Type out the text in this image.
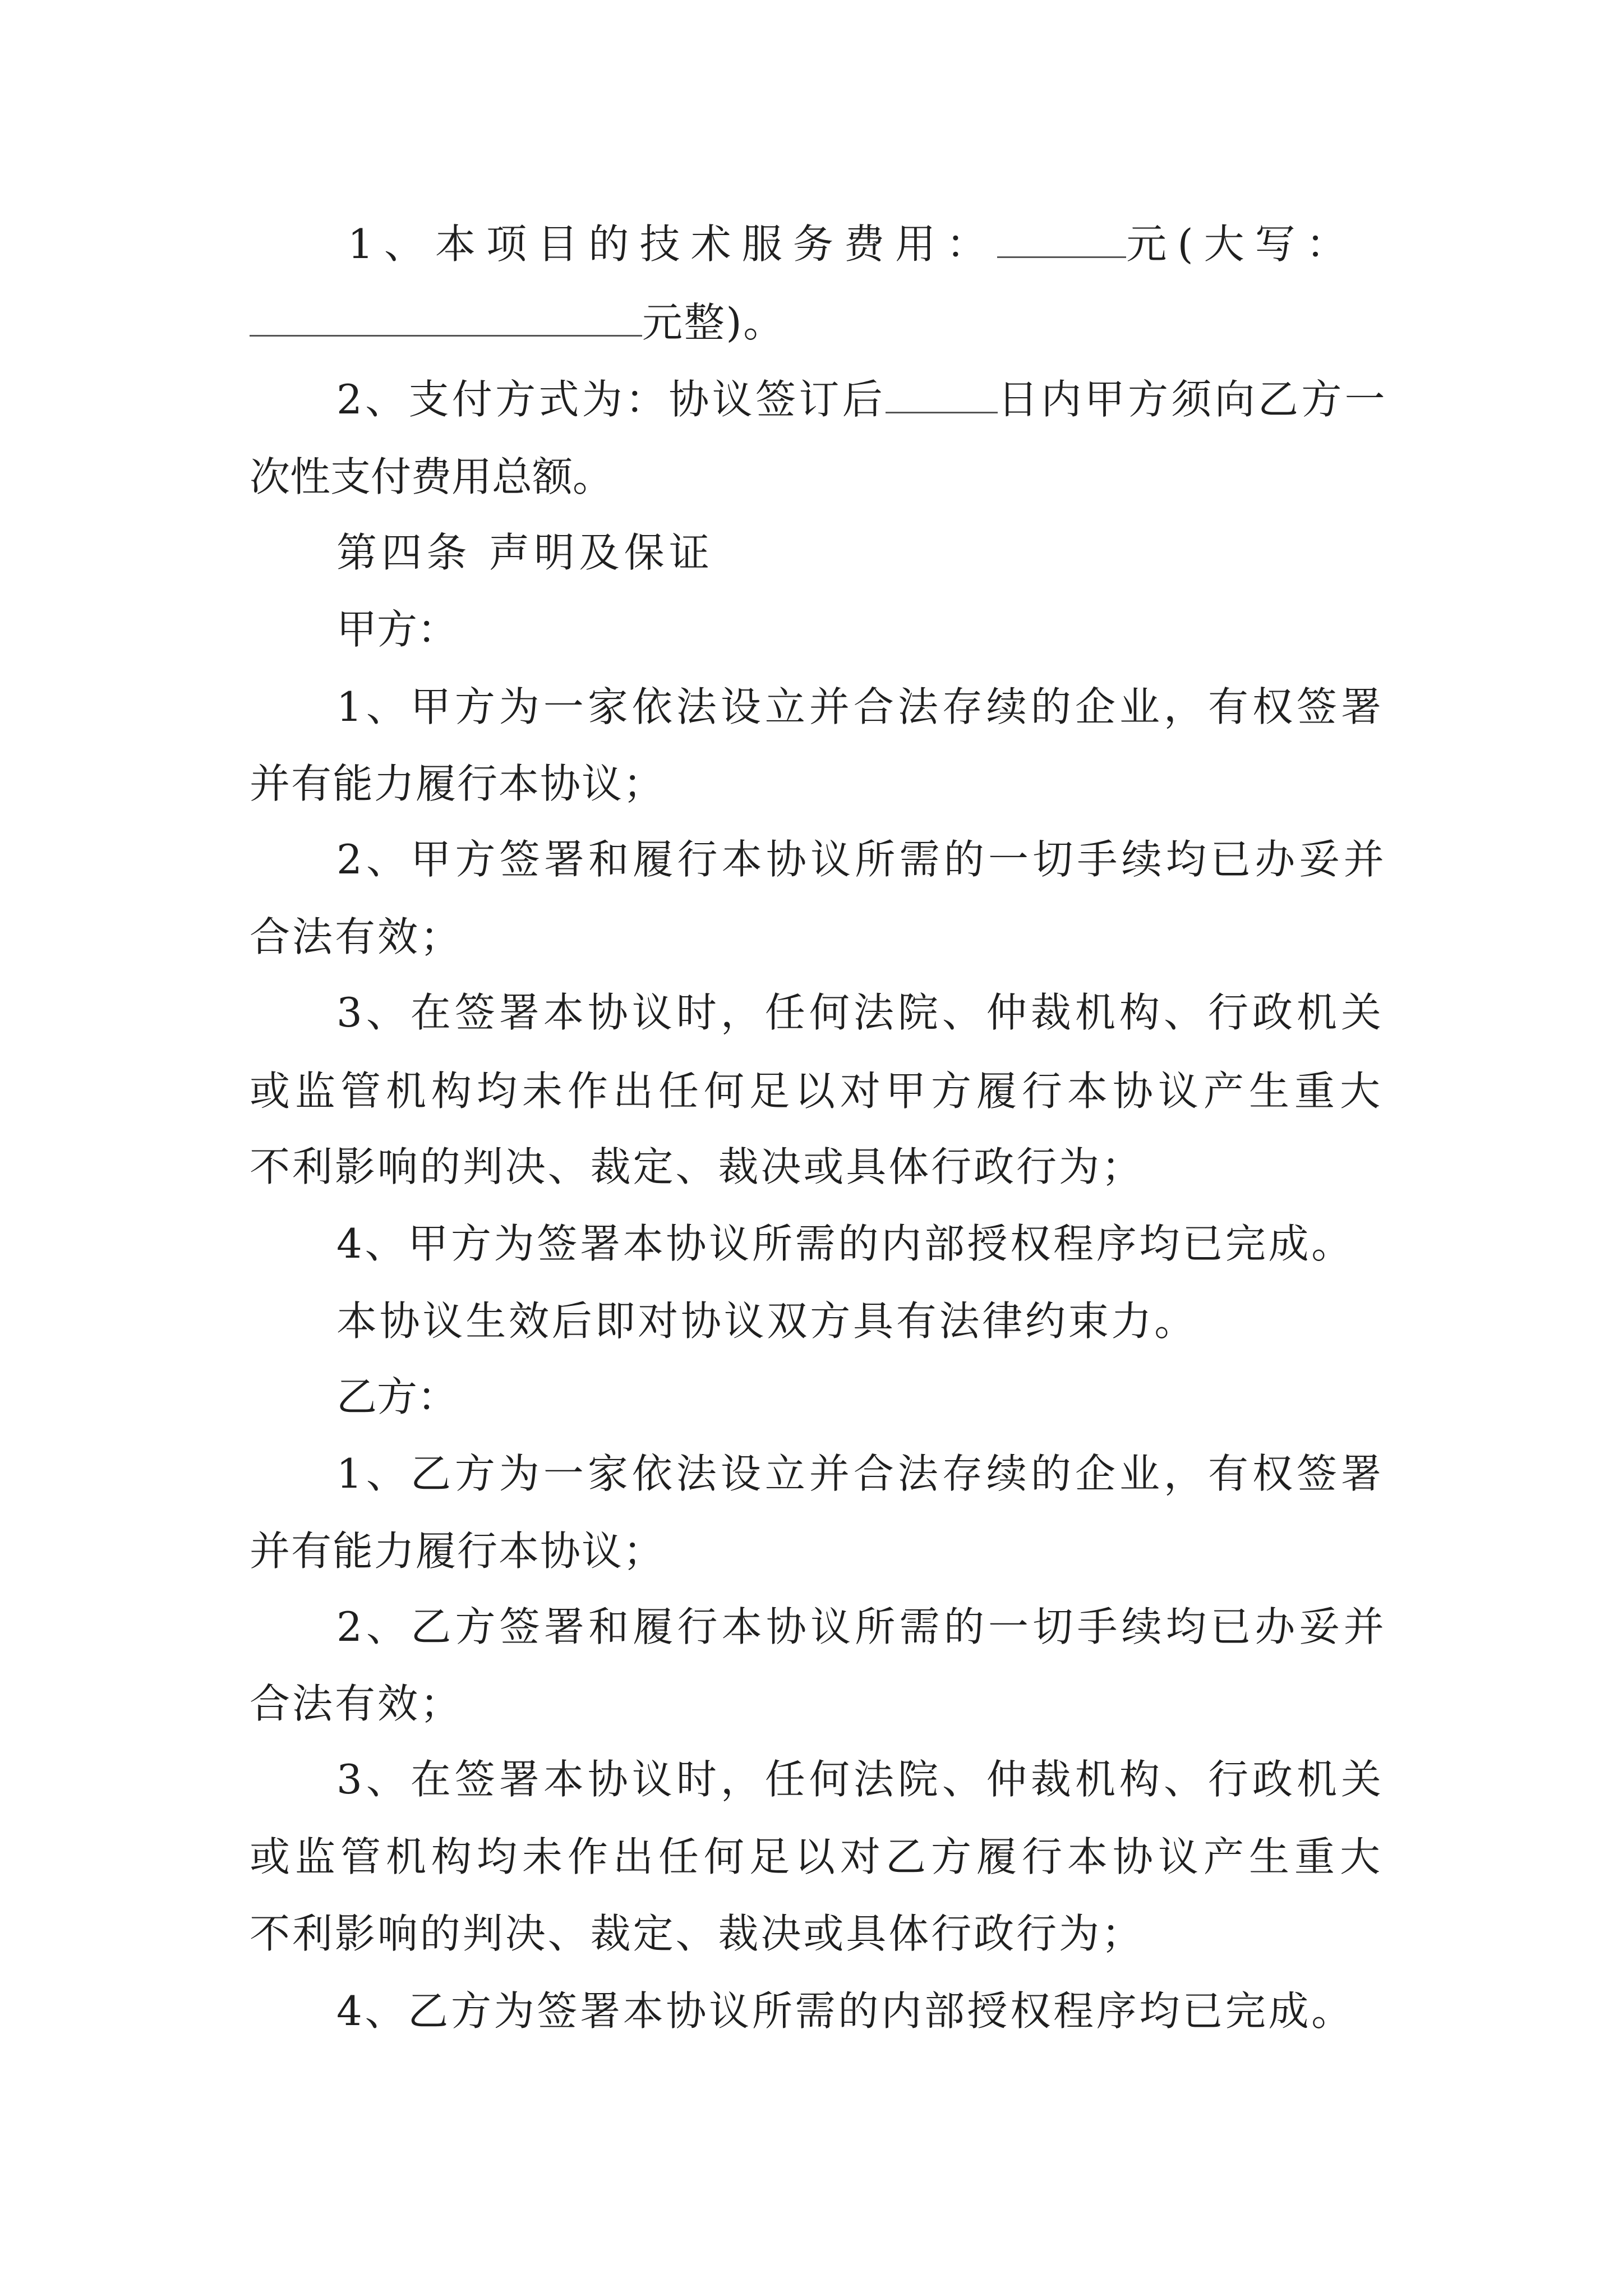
1、本项目的技术服务费用：	元(大写：

元整)。

2、支付方式为：协议签订后	日内甲方须向乙方一

次性支付费用总额。

第四条 声明及保证

甲方：

1、甲方为一家依法设立并合法存续的企业，有权签署

并有能力履行本协议；

2、甲方签署和履行本协议所需的一切手续均已办妥并

合法有效；

3、在签署本协议时，任何法院、仲裁机构、行政机关

或监管机构均未作出任何足以对甲方履行本协议产生重大

不利影响的判决、裁定、裁决或具体行政行为；

4、甲方为签署本协议所需的内部授权程序均已完成。

本协议生效后即对协议双方具有法律约束力。

乙方：

1、乙方为一家依法设立并合法存续的企业，有权签署

并有能力履行本协议；

2、乙方签署和履行本协议所需的一切手续均已办妥并

合法有效；

3、在签署本协议时，任何法院、仲裁机构、行政机关

或监管机构均未作出任何足以对乙方履行本协议产生重大

不利影响的判决、裁定、裁决或具体行政行为；

4、乙方为签署本协议所需的内部授权程序均已完成。
